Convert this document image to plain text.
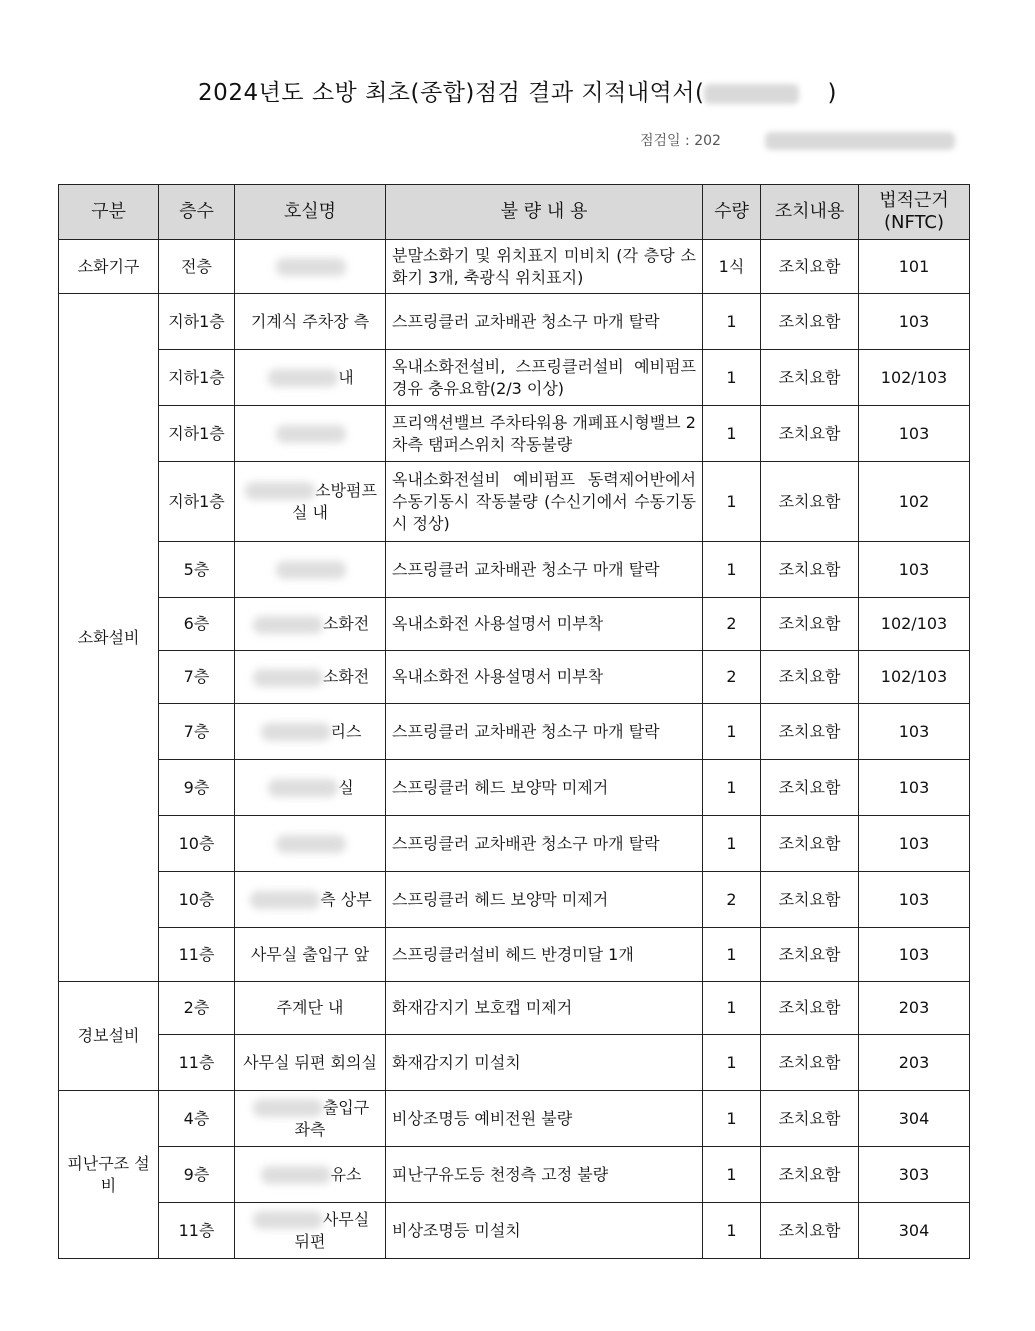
2024년도 소방 최초(종합)점검 결과 지적내역서(	)
점검일 : 202
구분	층수	호실명	불 량 내 용	수량	조치내용	법적근거
(NFTC)

소화기구	전층		분말소화기 및 위치표지 미비치 (각 층당 소화기 3개, 축광식 위치표지)	1식	조치요함	101
소화설비	지하1층	기계식 주차장 측	스프링클러 교차배관 청소구 마개 탈락	1	조치요함	103
	지하1층	내	옥내소화전설비, 스프링클러설비 예비펌프 경유 충유요함(2/3 이상)	1	조치요함	102/103
	지하1층		프리액션밸브 주차타워용 개폐표시형밸브 2차측 탬퍼스위치 작동불량	1	조치요함	103
	지하1층	소방펌프실 내	옥내소화전설비 예비펌프 동력제어반에서 수동기동시 작동불량 (수신기에서 수동기동시 정상)	1	조치요함	102
	5층		스프링클러 교차배관 청소구 마개 탈락	1	조치요함	103
	6층	소화전	옥내소화전 사용설명서 미부착	2	조치요함	102/103
	7층	소화전	옥내소화전 사용설명서 미부착	2	조치요함	102/103
	7층	리스	스프링클러 교차배관 청소구 마개 탈락	1	조치요함	103
	9층	실	스프링클러 헤드 보양막 미제거	1	조치요함	103
	10층		스프링클러 교차배관 청소구 마개 탈락	1	조치요함	103
	10층	측 상부	스프링클러 헤드 보양막 미제거	2	조치요함	103
	11층	사무실 출입구 앞	스프링클러설비 헤드 반경미달 1개	1	조치요함	103
경보설비	2층	주계단 내	화재감지기 보호캡 미제거	1	조치요함	203
	11층	사무실 뒤편 회의실	화재감지기 미설치	1	조치요함	203
피난구조 설비	4층	출입구 좌측	비상조명등 예비전원 불량	1	조치요함	304
	9층	유소	피난구유도등 천정측 고정 불량	1	조치요함	303
	11층	사무실 뒤편	비상조명등 미설치	1	조치요함	304
